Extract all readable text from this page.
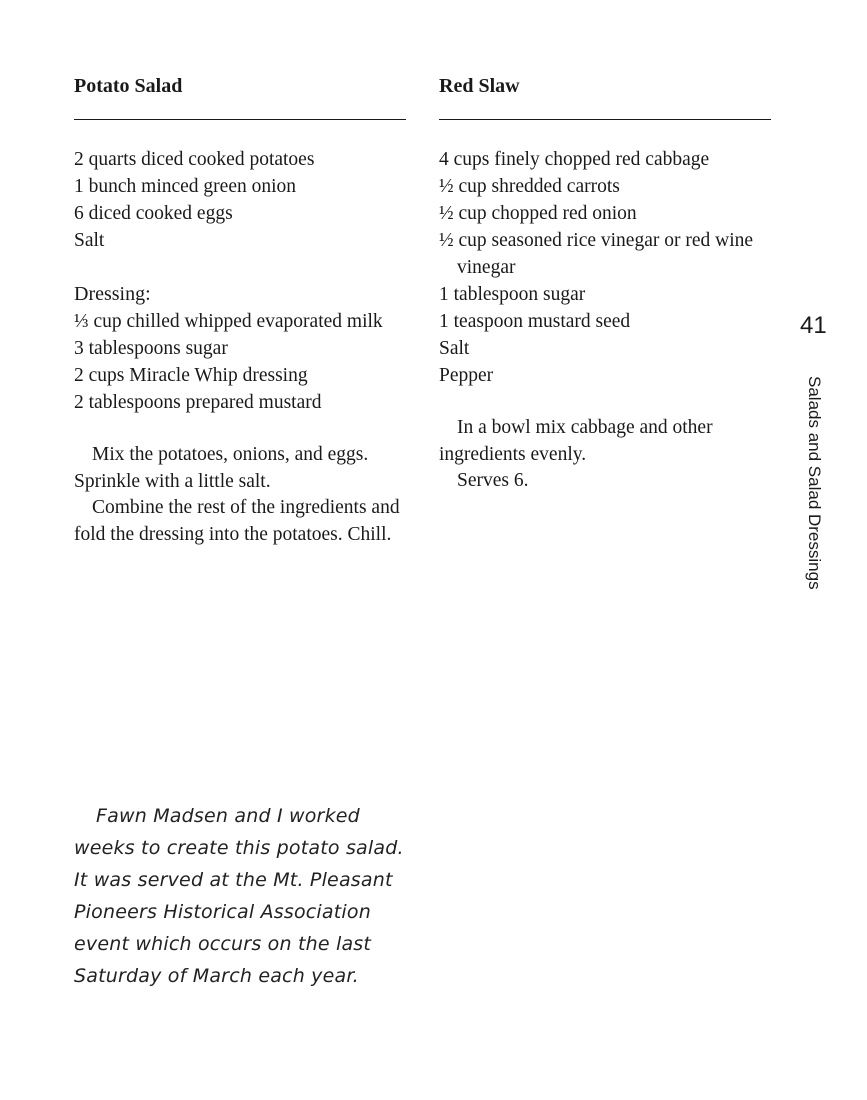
Potato Salad
2 quarts diced cooked potatoes
1 bunch minced green onion
6 diced cooked eggs
Salt
Dressing:
⅓ cup chilled whipped evaporated milk
3 tablespoons sugar
2 cups Miracle Whip dressing
2 tablespoons prepared mustard

Mix the potatoes, onions, and eggs. Sprinkle with a little salt.

Combine the rest of the ingredients and fold the dressing into the potatoes. Chill.

Red Slaw
4 cups finely chopped red cabbage
½ cup shredded carrots
½ cup chopped red onion
½ cup seasoned rice vinegar or red wine vinegar
1 tablespoon sugar
1 teaspoon mustard seed
Salt
Pepper

In a bowl mix cabbage and other ingredients evenly.

Serves 6.

41
Salads and Salad Dressings

Fawn Madsen and I worked weeks to create this potato salad. It was served at the Mt. Pleasant Pioneers Historical Association event which occurs on the last Saturday of March each year.
